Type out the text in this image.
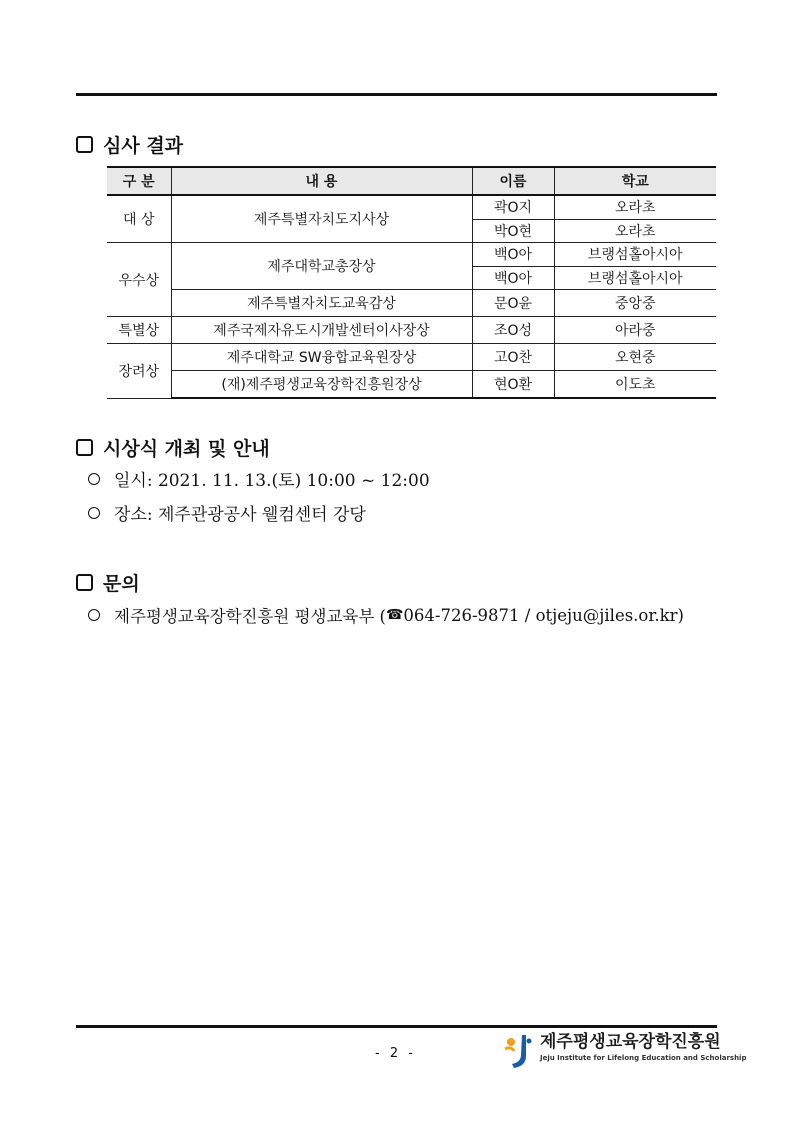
심사 결과
구 분	내 용	이름	학교
대 상	제주특별자치도지사상	곽O지	오라초
		박O현	오라초
우수상	제주대학교총장상	백O아	브랭섬홀아시아
		백O아	브랭섬홀아시아
	제주특별자치도교육감상	문O윤	중앙중
특별상	제주국제자유도시개발센터이사장상	조O성	아라중
장려상	제주대학교 SW융합교육원장상	고O찬	오현중
	(재)제주평생교육장학진흥원장상	현O환	이도초
시상식 개최 및 안내
일시: 2021. 11. 13.(토) 10:00 ~ 12:00
장소: 제주관광공사 웰컴센터 강당
문의
제주평생교육장학진흥원 평생교육부 ( ☎ 064-726-9871 / otjeju@jiles.or.kr)
- 2 -
제주평생교육장학진흥원
Jeju Institute for Lifelong Education and Scholarship
